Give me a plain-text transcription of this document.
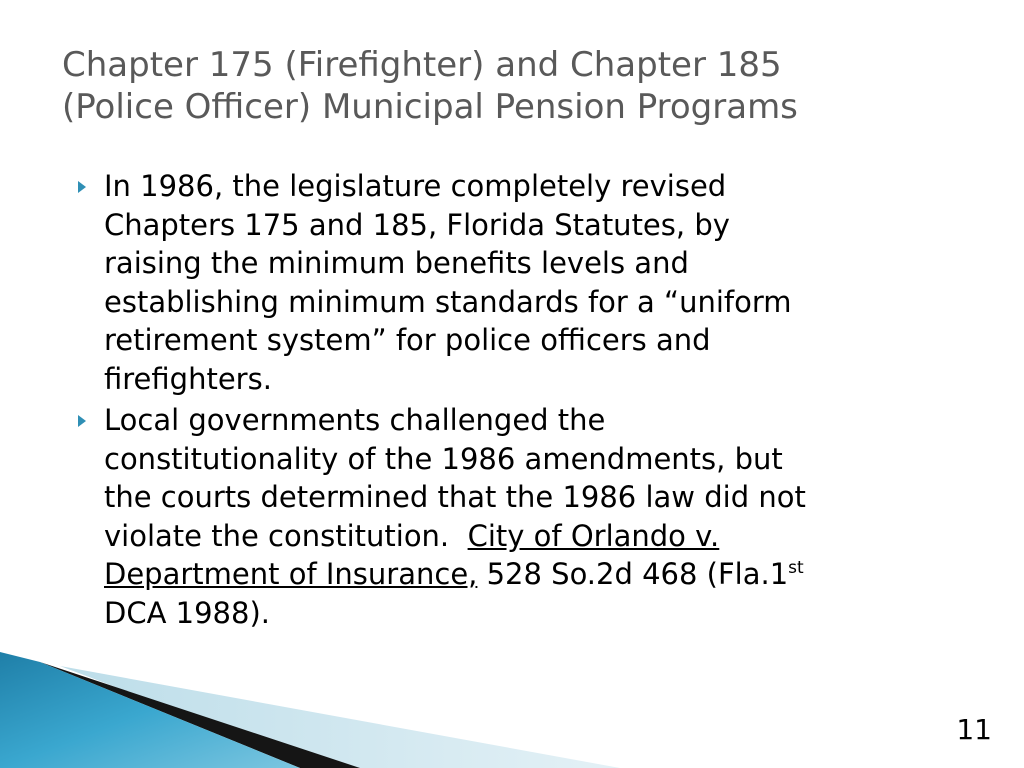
Chapter 175 (Firefighter) and Chapter 185
(Police Officer) Municipal Pension Programs
In 1986, the legislature completely revised
Chapters 175 and 185, Florida Statutes, by
raising the minimum benefits levels and
establishing minimum standards for a “uniform
retirement system” for police officers and
firefighters.
Local governments challenged the
constitutionality of the 1986 amendments, but
the courts determined that the 1986 law did not
violate the constitution.  City of Orlando v.
Department of Insurance, 528 So.2d 468 (Fla.1st
DCA 1988).
11
